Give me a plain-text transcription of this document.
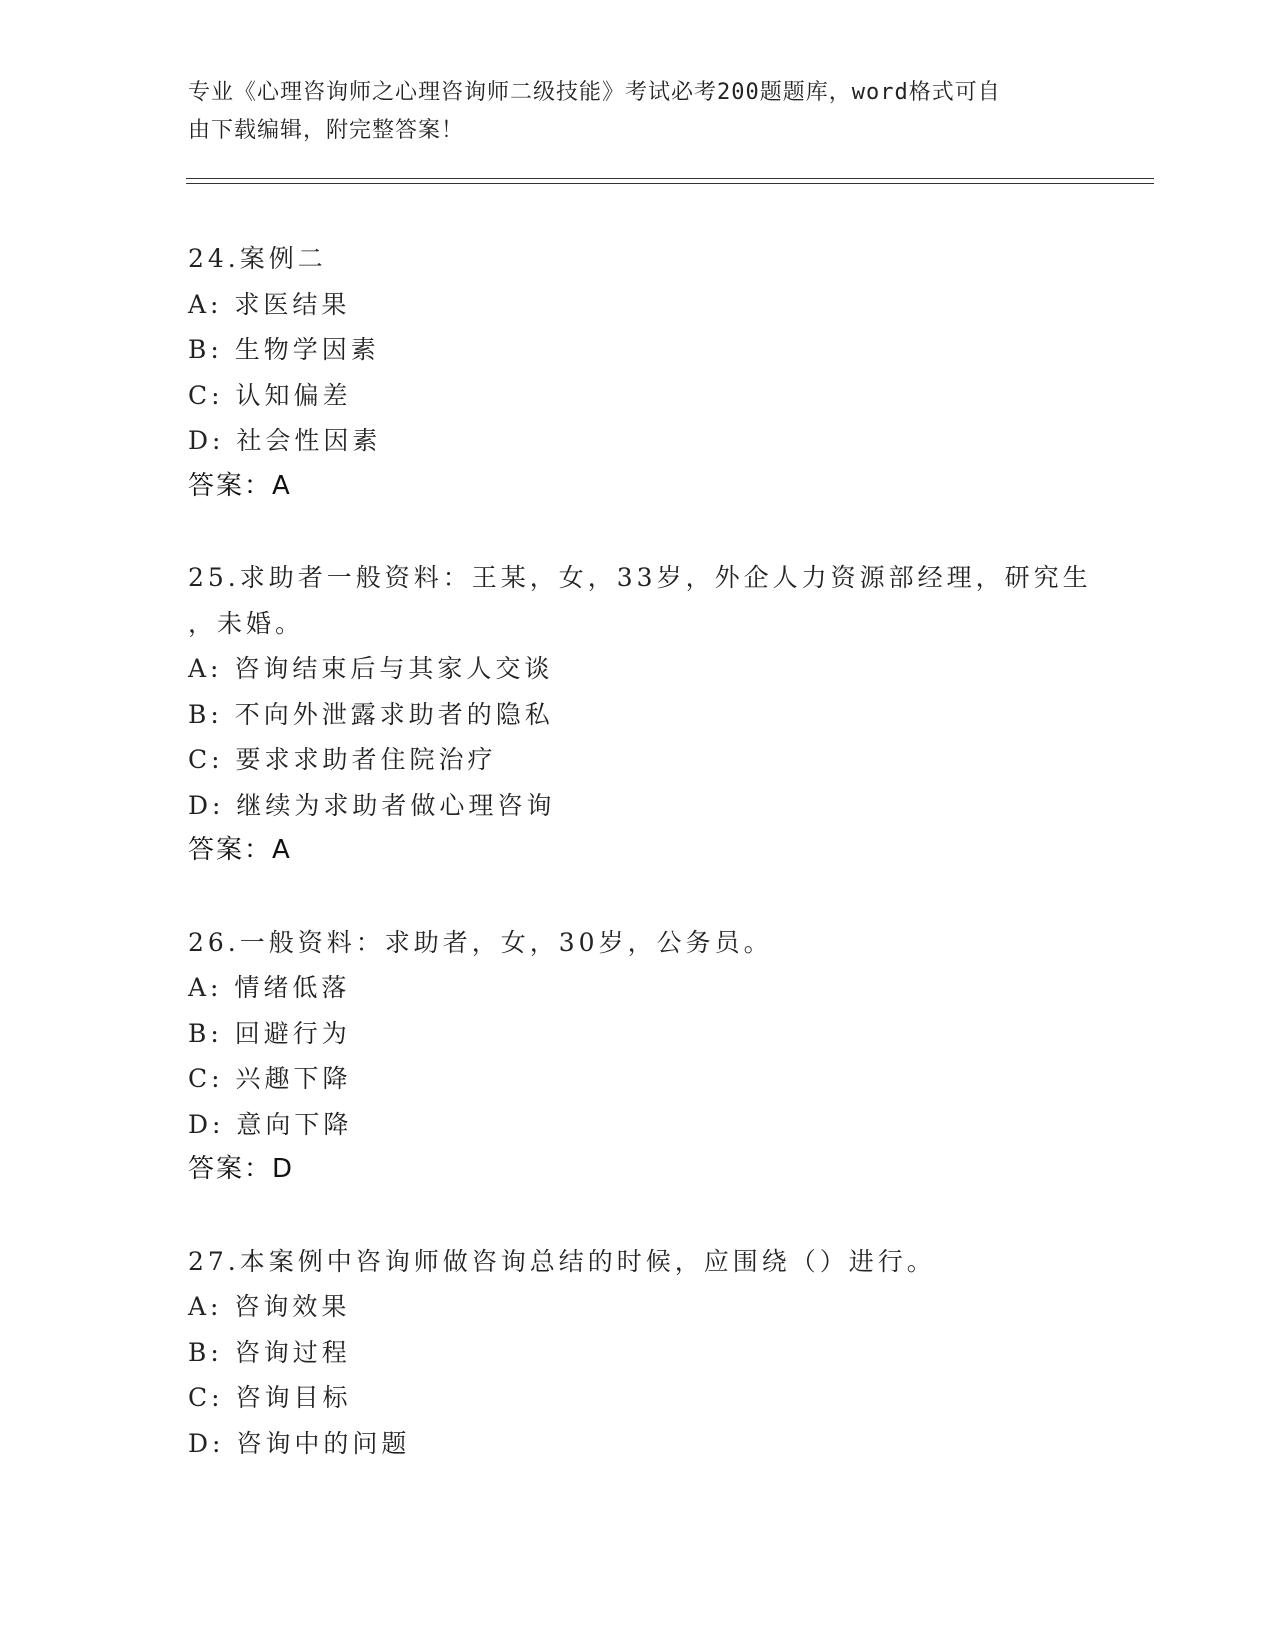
专业《心理咨询师之心理咨询师二级技能》考试必考200题题库，word格式可自
由下载编辑，附完整答案！
24.案例二
A: 求医结果
B: 生物学因素
C: 认知偏差
D: 社会性因素
答案：A
25.求助者一般资料：王某，女，33岁，外企人力资源部经理，研究生
，未婚。
A: 咨询结束后与其家人交谈
B: 不向外泄露求助者的隐私
C: 要求求助者住院治疗
D: 继续为求助者做心理咨询
答案：A
26.一般资料：求助者，女，30岁，公务员。
A: 情绪低落
B: 回避行为
C: 兴趣下降
D: 意向下降
答案：D
27.本案例中咨询师做咨询总结的时候，应围绕（）进行。
A: 咨询效果
B: 咨询过程
C: 咨询目标
D: 咨询中的问题
